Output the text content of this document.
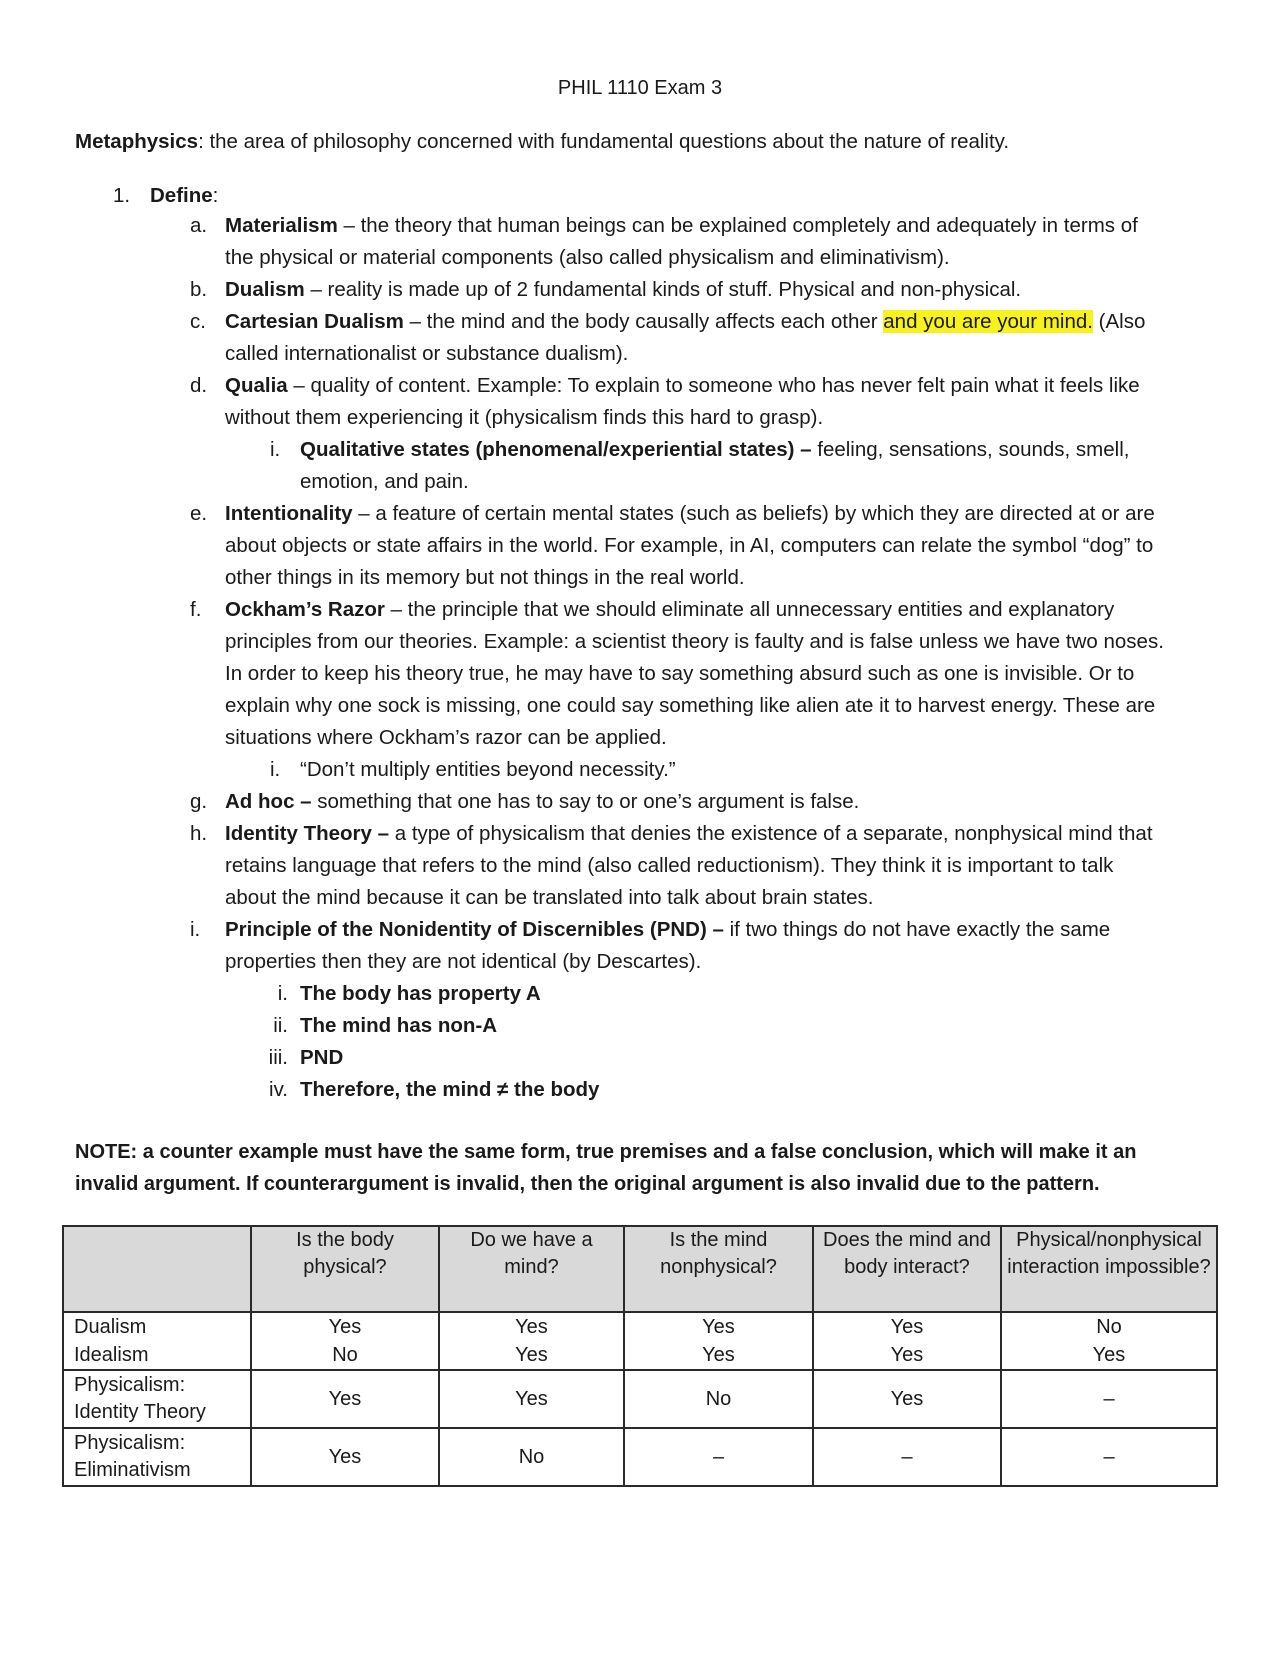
PHIL 1110 Exam 3
Metaphysics: the area of philosophy concerned with fundamental questions about the nature of reality.
1. Define:
a. Materialism – the theory that human beings can be explained completely and adequately in terms of
the physical or material components (also called physicalism and eliminativism).
b. Dualism – reality is made up of 2 fundamental kinds of stuff. Physical and non-physical.
c. Cartesian Dualism – the mind and the body causally affects each other and you are your mind. (Also
called internationalist or substance dualism).
d. Qualia – quality of content. Example: To explain to someone who has never felt pain what it feels like
without them experiencing it (physicalism finds this hard to grasp).
i. Qualitative states (phenomenal/experiential states) – feeling, sensations, sounds, smell,
emotion, and pain.
e. Intentionality – a feature of certain mental states (such as beliefs) by which they are directed at or are
about objects or state affairs in the world. For example, in AI, computers can relate the symbol “dog” to
other things in its memory but not things in the real world.
f. Ockham’s Razor – the principle that we should eliminate all unnecessary entities and explanatory
principles from our theories. Example: a scientist theory is faulty and is false unless we have two noses.
In order to keep his theory true, he may have to say something absurd such as one is invisible. Or to
explain why one sock is missing, one could say something like alien ate it to harvest energy. These are
situations where Ockham’s razor can be applied.
i. “Don’t multiply entities beyond necessity.”
g. Ad hoc – something that one has to say to or one’s argument is false.
h. Identity Theory – a type of physicalism that denies the existence of a separate, nonphysical mind that
retains language that refers to the mind (also called reductionism). They think it is important to talk
about the mind because it can be translated into talk about brain states.
i. Principle of the Nonidentity of Discernibles (PND) – if two things do not have exactly the same
properties then they are not identical (by Descartes).
i. The body has property A
ii. The mind has non-A
iii. PND
iv. Therefore, the mind ≠ the body
NOTE: a counter example must have the same form, true premises and a false conclusion, which will make it an
invalid argument. If counterargument is invalid, then the original argument is also invalid due to the pattern.
	Is the body physical?	Do we have a mind?	Is the mind nonphysical?	Does the mind and body interact?	Physical/nonphysical interaction impossible?
Dualism	Yes	Yes	Yes	Yes	No
Idealism	No	Yes	Yes	Yes	Yes
Physicalism: Identity Theory	Yes	Yes	No	Yes	–
Physicalism: Eliminativism	Yes	No	–	–	–
